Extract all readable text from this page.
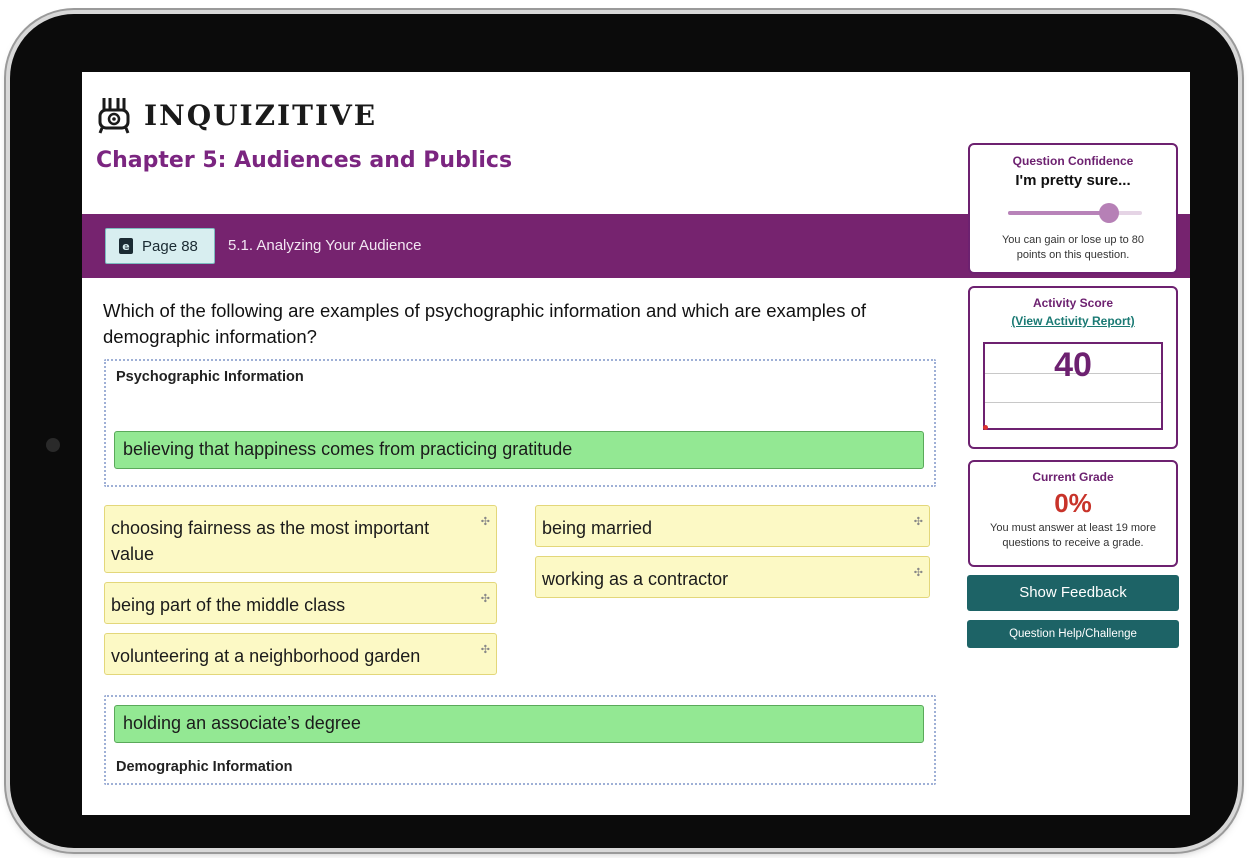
INQUIZITIVE
Chapter 5: Audiences and Publics
e Page 88 5.1. Analyzing Your Audience
Which of the following are examples of psychographic information and which are examples of demographic information?
Psychographic Information
believing that happiness comes from practicing gratitude
✣
choosing fairness as the most important value
✣
being part of the middle class
✣
volunteering at a neighborhood garden
✣
being married
✣
working as a contractor
holding an associate’s degree
Demographic Information
Question Confidence
I'm pretty sure...
You can gain or lose up to 80 points on this question.
Activity Score
(View Activity Report)
40
Current Grade
0%
You must answer at least 19 more questions to receive a grade.
Show Feedback
Question Help/Challenge
